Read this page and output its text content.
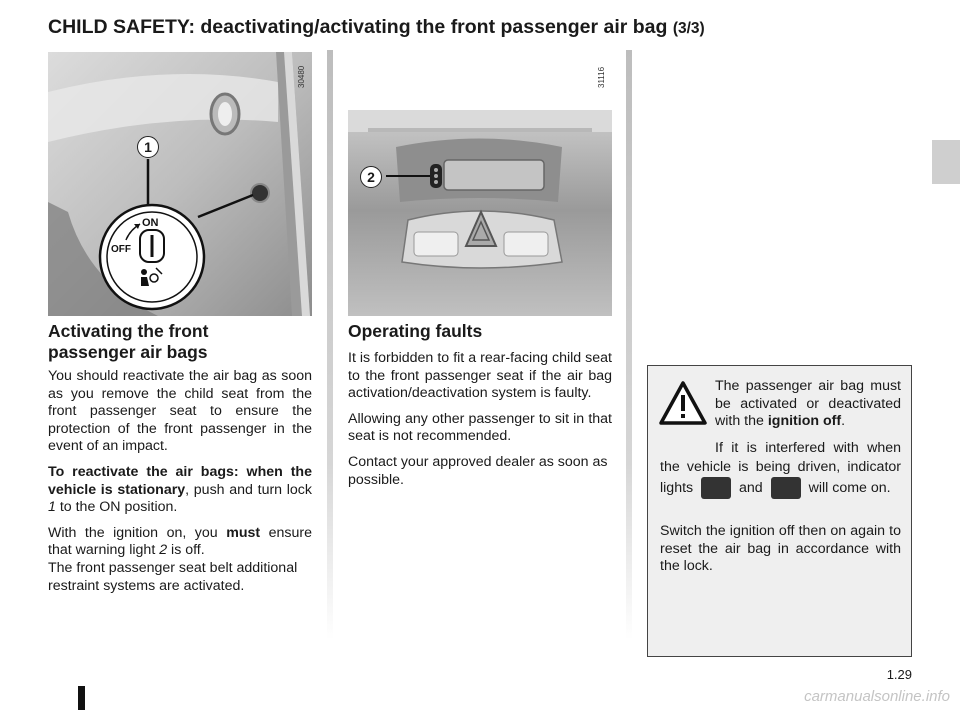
CHILD SAFETY: deactivating/activating the front passenger air bag (3/3)
ON
OFF
1
30480
2
31116
Activating the front passenger air bags

You should reactivate the air bag as soon as you remove the child seat from the front passenger seat to ensure the protection of the front passenger in the event of an impact.

To reactivate the air bags: when the vehicle is stationary, push and turn lock 1 to the ON position.

With the ignition on, you must ensure that warning light 2 is off.

The front passenger seat belt additional restraint systems are activated.

Operating faults

It is forbidden to fit a rear-facing child seat to the front passenger seat if the air bag activation/deactivation system is faulty.

Allowing any other passenger to sit in that seat is not recommended.

Contact your approved dealer as soon as possible.

The passenger air bag must be activated or deactivated with the ignition off.
If it is interfered with when the vehicle is being driven, indicator lights	and	will come on.
Switch the ignition off then on again to reset the air bag in accordance with the lock.
1.29
carmanualsonline.info
